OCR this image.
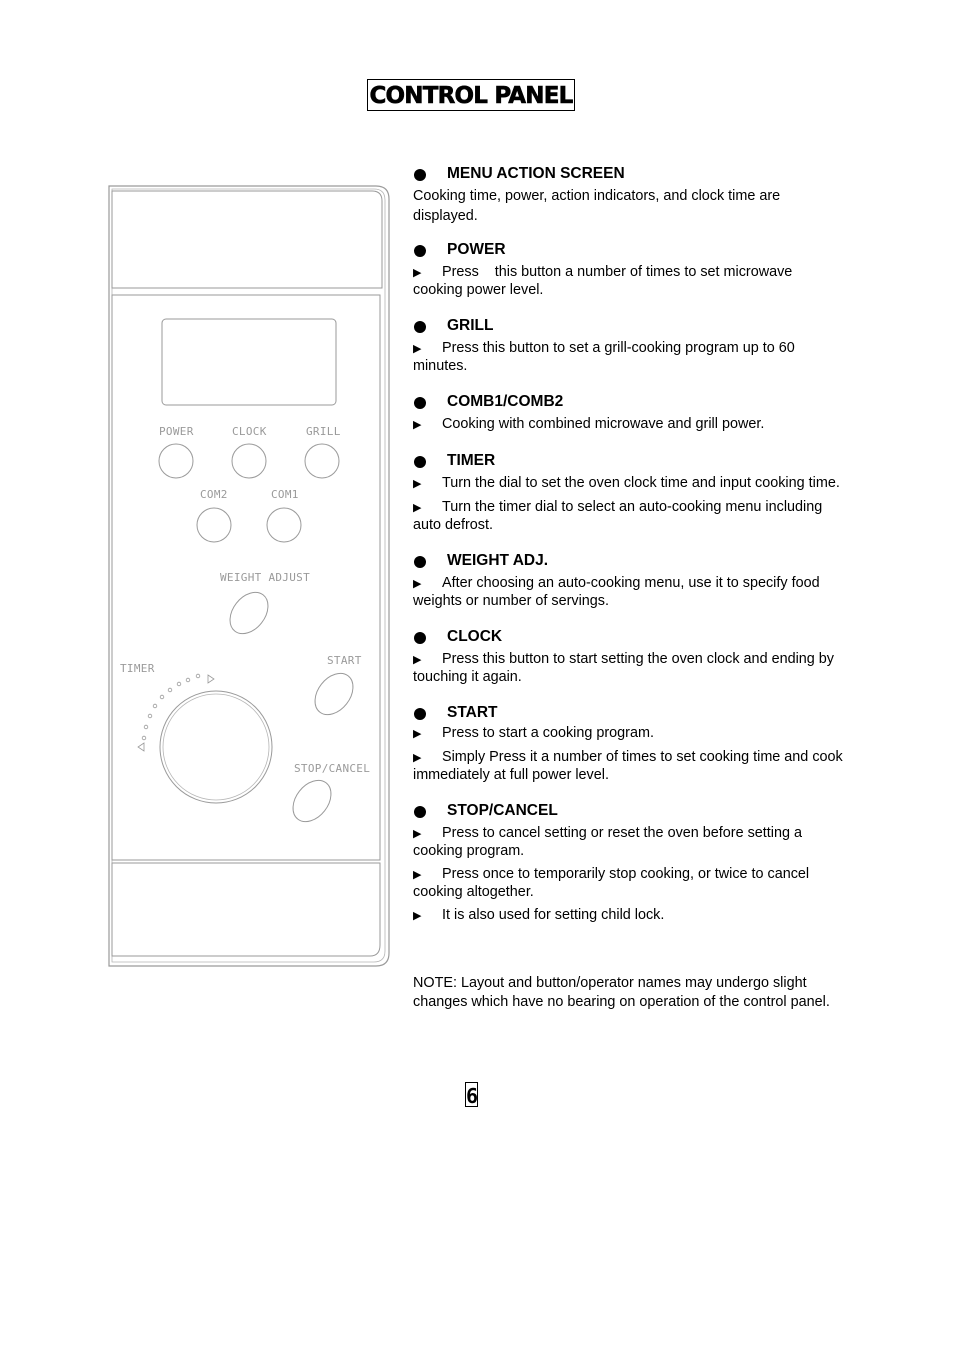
CONTROL PANEL
POWER	CLOCK	GRILL
COM2	COM1
WEIGHT ADJUST
TIMER
START
STOP/CANCEL
MENU ACTION SCREEN
Cooking time, power, action indicators, and clock time are displayed.
POWER
▶ Press    this button a number of times to set microwave cooking power level.
GRILL
▶ Press this button to set a grill-cooking program up to 60 minutes.
COMB1/COMB2
▶ Cooking with combined microwave and grill power.
TIMER
▶ Turn the dial to set the oven clock time and input cooking time.
▶ Turn the timer dial to select an auto-cooking menu including auto defrost.
WEIGHT ADJ.
▶ After choosing an auto-cooking menu, use it to specify food weights or number of servings.
CLOCK
▶ Press this button to start setting the oven clock and ending by touching it again.
START
▶ Press to start a cooking program.
▶ Simply Press it a number of times to set cooking time and cook immediately at full power level.
STOP/CANCEL
▶ Press to cancel setting or reset the oven before setting a cooking program.
▶ Press once to temporarily stop cooking, or twice to cancel cooking altogether.
▶ It is also used for setting child lock.
NOTE: Layout and button/operator names may undergo slight changes which have no bearing on operation of the control panel.
6
